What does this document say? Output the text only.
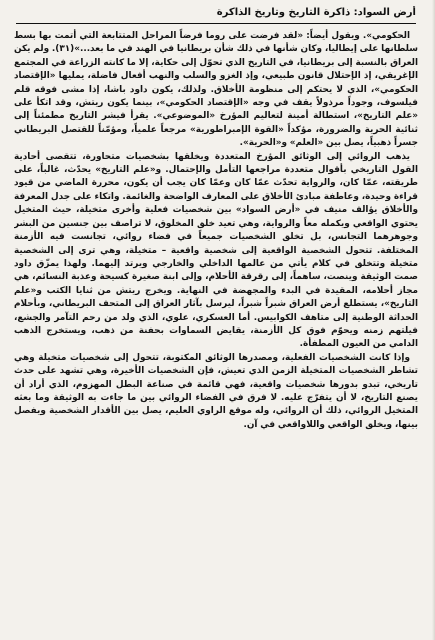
أرض السواد: ذاكرة التاريخ وتاريخ الذاكرة

الحكومي». ويقول أيضاً: «لقد فرضت على روما فرضاً المراحل المتتابعة التي أتمت بها بسط سلطانها على إيطاليا، وكان شأنها في ذلك شأن بريطانيا في الهند في ما بعد...»(٣١). ولم يكن العراق بالنسبة إلى بريطانيا، في التاريخ الذي تحوّل إلى حكاية، إلا ما كانته الزراعة في المجتمع الإغريقي، إذ الإحتلال قانون طبيعي، وإذ الغزو والسلب والنهب أفعال فاضلة، يمليها «الإقتصاد الحكومي»، الذي لا يحتكم إلى منظومة الأخلاق. ولذلك، يكون داود باشا، إذا مشى فوقه قلم فيلسوف، وجوداً مرذولاً يقف في وجه «الإقتصاد الحكومي»، بينما يكون ريتش، وقد اتكأ على «علم التاريخ»، استطالة أمينة لتعاليم المؤرخ «الموضوعي». يقرأ فيشر التاريخ مطمئناً إلى ثنائية الحرية والضرورة، مؤكداً «القوة الإمبراطورية» مرجعاً علمياً، ومؤمّناً للقتصل البريطاني جسراً ذهبياً، يصل بين «العلم» و«الحرية».

يذهب الروائي إلى الوثائق المؤرخ المتعددة ويخلقها بشخصيات متحاورة، تتقصى أحادية القول التاريخي بأقوال متعددة مراجعها التأمل والإحتمال. و«علم التاريخ» يحدّث، غالباً، على طريقته، عمّا كان، والرواية تحدّث عمّا كان وعمّا كان يجب أن يكون، محررة الماضي من قيود قراءة وحيدة، وعاطفة مبادئ الأخلاق على المعارف الواضحة والغائمة. واتكاء على جدل المعرفة والأخلاق يؤالف منيف في «أرض السواد» بين شخصيات فعلية وأخرى متخيلة، حيث المتخيل يحتوي الواقعي ويكمله معاً والرواية، وهي تعيد خلق المخلوق، لا تراصف بين جنسين من البشر وجوهرهما التجانس، بل تخلق الشخصيات جميعاً في فضاء روائي، تجانست فيه الأزمنة المختلفة. تتحول الشخصية الواقعية إلى شخصية واقعية – متخيلة، وهي ترى إلى الشخصية متخيلة وتتخلق في كلام يأتي من عالمها الداخلي والخارجي ويرتد إليهما. ولهذا يمزّق داود صمت الوثيقة وينصت، ساهماً، إلى رقرقة الأحلام، وإلى ابنة صغيرة كسيحة وعذبة النسائم، هي مجاز أحلامه، المقيدة في البدء والمجهضة في النهاية. ويخرج ريتش من ثنايا الكتب و«علم التاريخ»، يستطلع أرض العراق شبراً شبراً، ليرسل بآثار العراق إلى المتحف البريطاني، وبأحلام الحداثة الوطنية إلى متاهف الكوابيس. أما العسكري، علوي، الذي ولد من رحم التآمر والجشع، فيلتهم زمنه ويحوّم فوق كل الأزمنة، يقايض السماوات بحفنة من ذهب، ويستخرج الذهب الدامي من العيون المطفأة.

وإذا كانت الشخصيات الفعلية، ومصدرها الوثائق المكتوبة، تتحول إلى شخصيات متخيلة وهي تشاطر الشخصيات المتخيلة الزمن الذي تعيش، فإن الشخصيات الأخيرة، وهي تشهد على حدث تاريخي، تبدو بدورها شخصيات واقعية، فهي قائمة في صناعة البطل المهزوم، الذي أراد أن يصنع التاريخ، لا أن يتفرّج عليه. لا فرق في الفضاء الروائي بين ما جاءت به الوثيقة وما بعثه المتخيل الروائي، ذلك أن الروائي، وله موقع الراوي العليم، يصل بين الأقدار الشخصية ويفصل بينها، ويخلق الواقعي واللاواقعي في آن.
